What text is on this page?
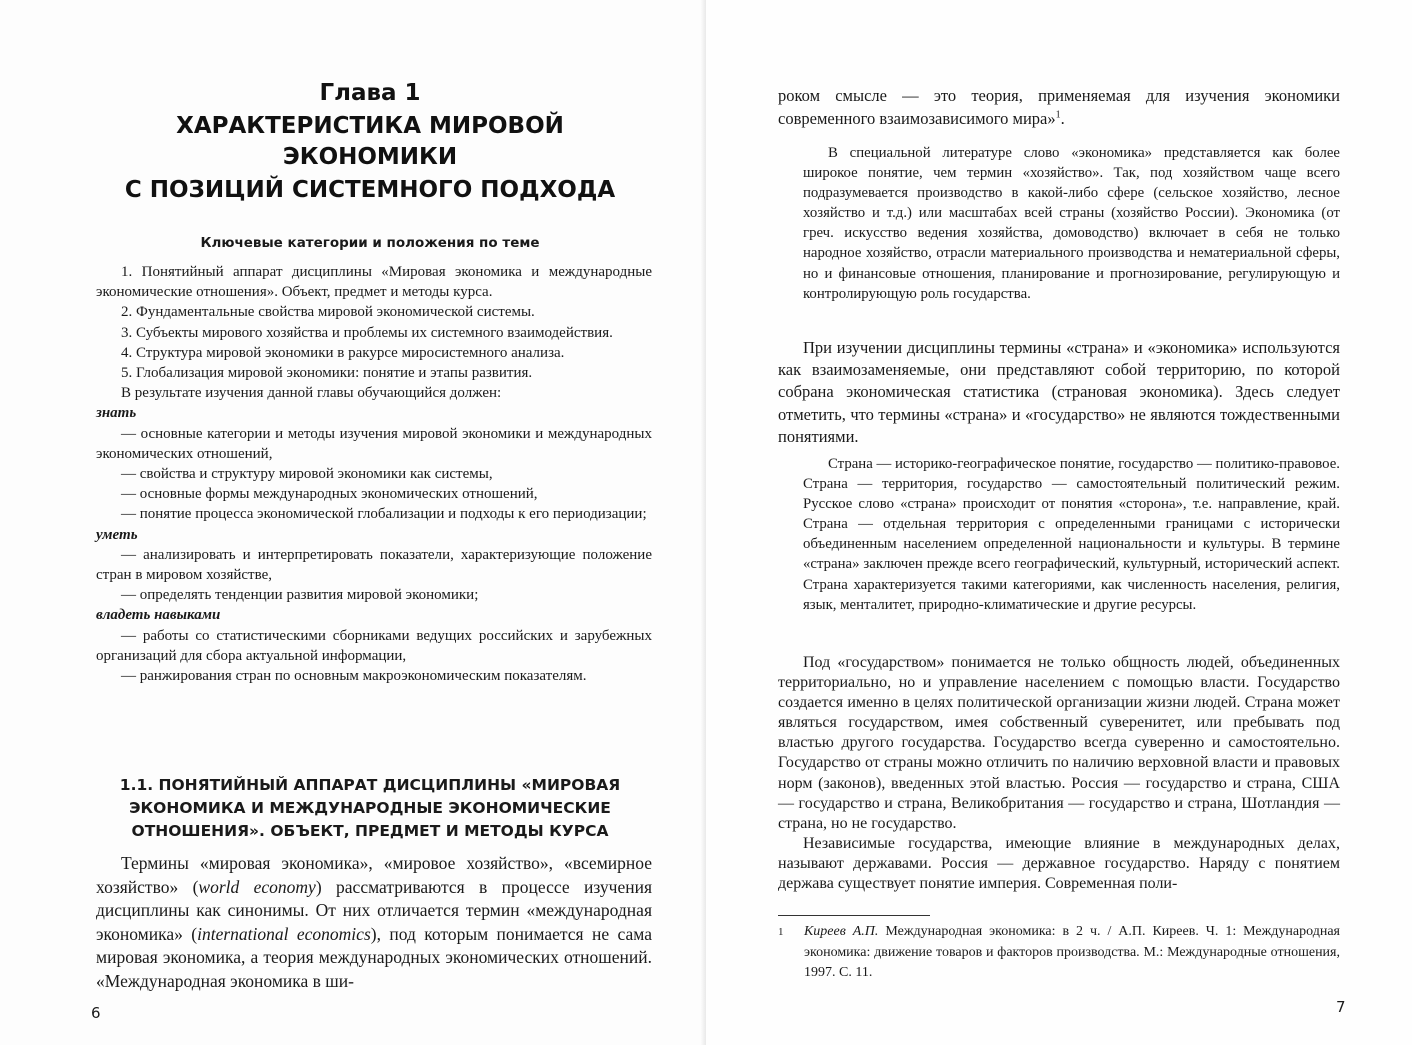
Глава 1
ХАРАКТЕРИСТИКА МИРОВОЙ ЭКОНОМИКИ
С ПОЗИЦИЙ СИСТЕМНОГО ПОДХОДА
Ключевые категории и положения по теме

1. Понятийный аппарат дисциплины «Мировая экономика и международные экономические отношения». Объект, предмет и методы курса.

2. Фундаментальные свойства мировой экономической системы.

3. Субъекты мирового хозяйства и проблемы их системного взаимодействия.

4. Структура мировой экономики в ракурсе миросистемного анализа.

5. Глобализация мировой экономики: понятие и этапы развития.

В результате изучения данной главы обучающийся должен:

знать

— основные категории и методы изучения мировой экономики и международных экономических отношений,

— свойства и структуру мировой экономики как системы,

— основные формы международных экономических отношений,

— понятие процесса экономической глобализации и подходы к его периодизации;

уметь

— анализировать и интерпретировать показатели, характеризующие положение стран в мировом хозяйстве,

— определять тенденции развития мировой экономики;

владеть навыками

— работы со статистическими сборниками ведущих российских и зарубежных организаций для сбора актуальной информации,

— ранжирования стран по основным макроэкономическим показателям.

1.1. ПОНЯТИЙНЫЙ АППАРАТ ДИСЦИПЛИНЫ «МИРОВАЯ ЭКОНОМИКА И МЕЖДУНАРОДНЫЕ ЭКОНОМИЧЕСКИЕ ОТНОШЕНИЯ». ОБЪЕКТ, ПРЕДМЕТ И МЕТОДЫ КУРСА

Термины «мировая экономика», «мировое хозяйство», «всемирное хозяйство» (world economy) рассматриваются в процессе изучения дисциплины как синонимы. От них отличается термин «международная экономика» (international economics), под которым понимается не сама мировая экономика, а теория международных экономических отношений. «Международная экономика в ши-

6

роком смысле — это теория, применяемая для изучения экономики

современного взаимозависимого мира»$^1$.

В специальной литературе слово «экономика» представляется как более широкое понятие, чем термин «хозяйство». Так, под хозяйством чаще всего подразумевается производство в какой-либо сфере (сельское хозяйство, лесное хозяйство и т.д.) или масштабах всей страны (хозяйство России). Экономика (от греч. искусство ведения хозяйства, домоводство) включает в себя не только народное хозяйство, отрасли материального производства и нематериальной сферы, но и финансовые отношения, планирование и прогнозирование, регулирующую и контролирующую роль государства.

При изучении дисциплины термины «страна» и «экономика» используются как взаимозаменяемые, они представляют собой территорию, по которой собрана экономическая статистика (страновая экономика). Здесь следует отметить, что термины «страна» и «государство» не являются тождественными понятиями.

Страна — историко-географическое понятие, государство — политико-правовое. Страна — территория, государство — самостоятельный политический режим. Русское слово «страна» происходит от понятия «сторона», т.е. направление, край. Страна — отдельная территория с определенными границами с исторически объединенным населением определенной национальности и культуры. В термине «страна» заключен прежде всего географический, культурный, исторический аспект. Страна характеризуется такими категориями, как численность населения, религия, язык, менталитет, природно-климатические и другие ресурсы.

Под «государством» понимается не только общность людей, объединенных территориально, но и управление населением с помощью власти. Государство создается именно в целях политической организации жизни людей. Страна может являться государством, имея собственный суверенитет, или пребывать под властью другого государства. Государство всегда суверенно и самостоятельно. Государство от страны можно отличить по наличию верховной власти и правовых норм (законов), введенных этой властью. Россия — государство и страна, США — государство и страна, Великобритания — государство и страна, Шотландия — страна, но не государство.

Независимые государства, имеющие влияние в международных делах, называют державами. Россия — державное государство. Наряду с понятием держава существует понятие империя. Современная поли-

1 Киреев А.П. Международная экономика: в 2 ч. / А.П. Киреев. Ч. 1: Международная экономика: движение товаров и факторов производства. М.: Международные отношения, 1997. С. 11.

7
